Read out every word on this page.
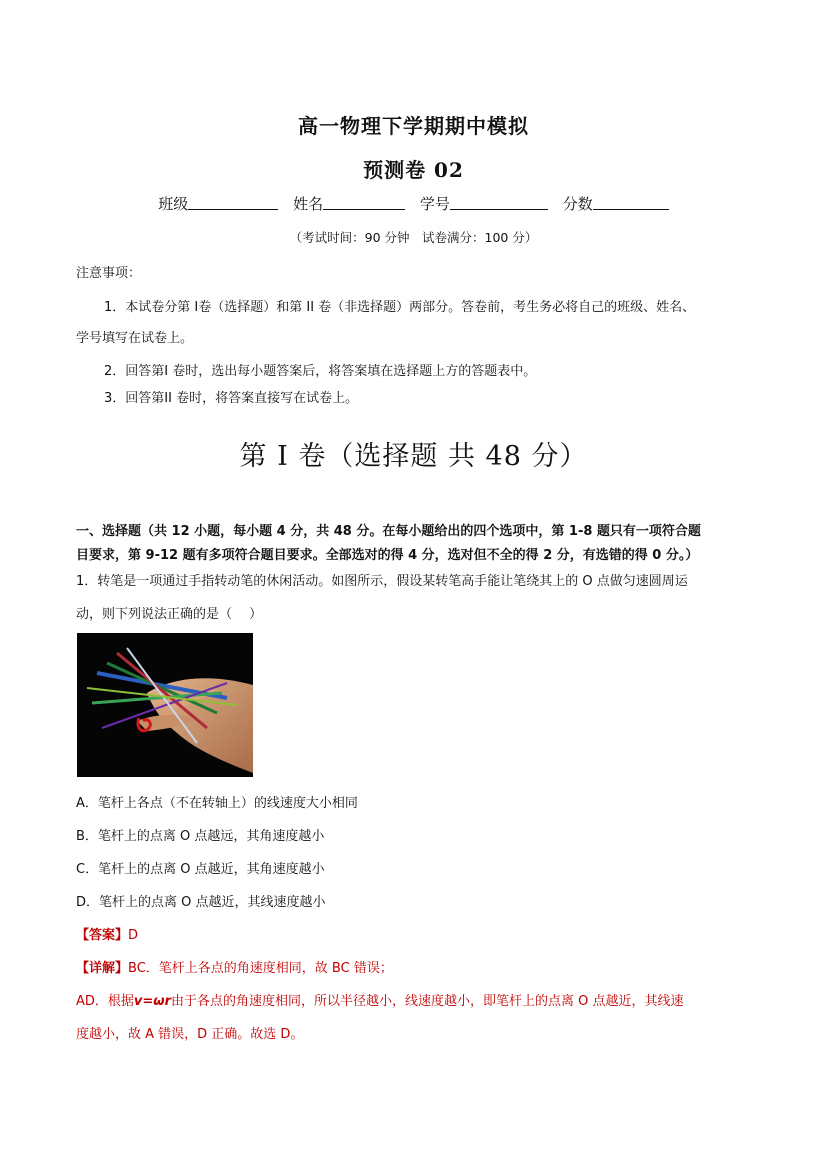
高一物理下学期期中模拟
预测卷 02
班级	姓名	学号	分数
（考试时间：90 分钟　试卷满分：100 分）
注意事项：
1．本试卷分第 I卷（选择题）和第 II 卷（非选择题）两部分。答卷前，考生务必将自己的班级、姓名、
学号填写在试卷上。
2．回答第I 卷时，选出每小题答案后，将答案填在选择题上方的答题表中。
3．回答第II 卷时，将答案直接写在试卷上。
第 I 卷（选择题 共 48 分）
一、选择题（共 12 小题，每小题 4 分，共 48 分。在每小题给出的四个选项中，第 1-8 题只有一项符合题
目要求，第 9-12 题有多项符合题目要求。全部选对的得 4 分，选对但不全的得 2 分，有选错的得 0 分。）
1．转笔是一项通过手指转动笔的休闲活动。如图所示，假设某转笔高手能让笔绕其上的 O 点做匀速圆周运
动，则下列说法正确的是（　 ）
A．笔杆上各点（不在转轴上）的线速度大小相同
B．笔杆上的点离 O 点越远，其角速度越小
C．笔杆上的点离 O 点越近，其角速度越小
D．笔杆上的点离 O 点越近，其线速度越小
【答案】D
【详解】BC．笔杆上各点的角速度相同，故 BC 错误；
AD．根据v=ωr由于各点的角速度相同，所以半径越小，线速度越小，即笔杆上的点离 O 点越近，其线速
度越小，故 A 错误，D 正确。故选 D。
